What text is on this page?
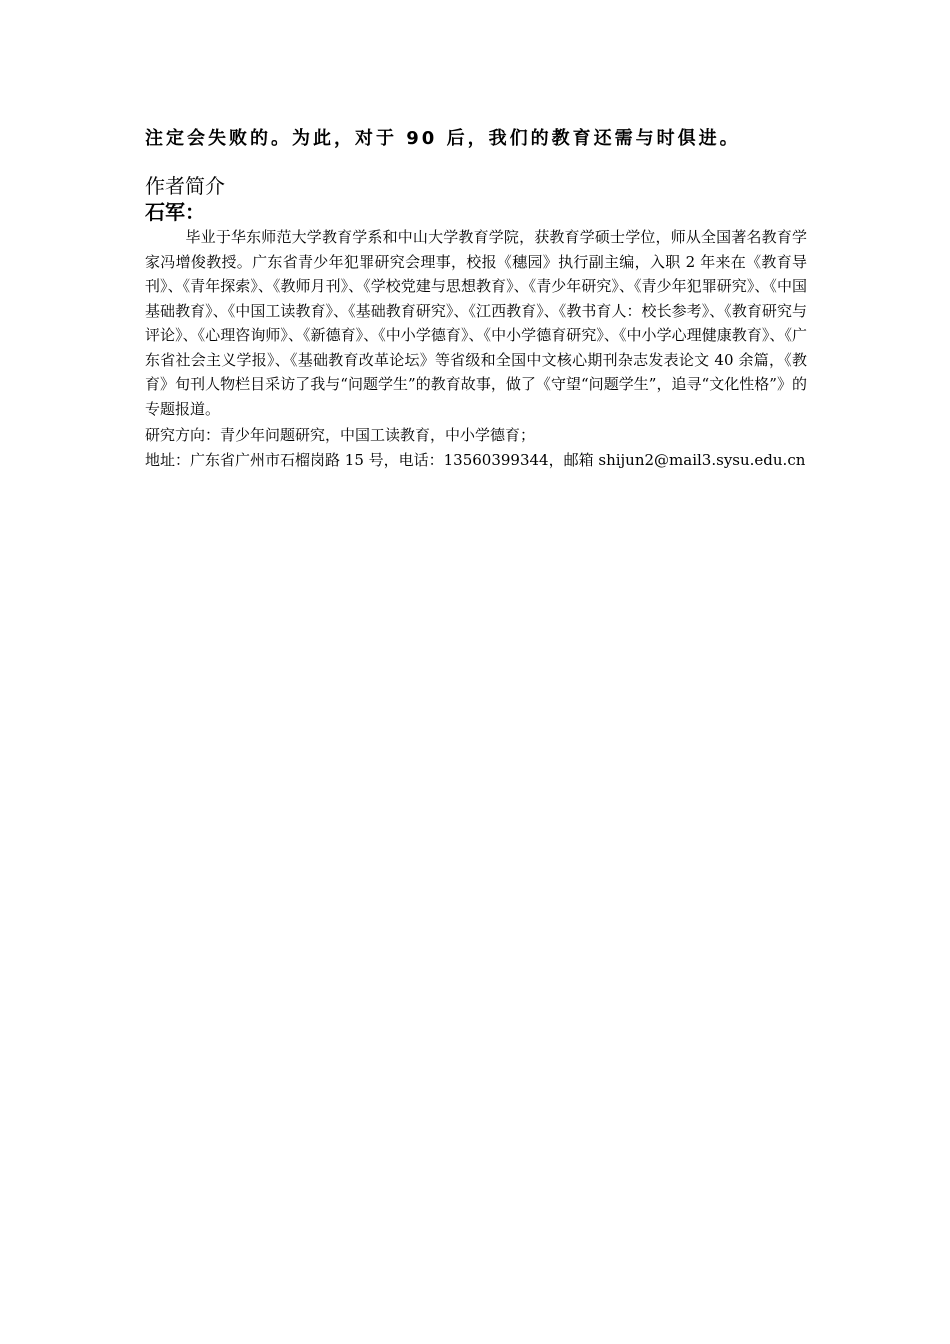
注定会失败的。为此，对于 90 后，我们的教育还需与时俱进。
作者简介
石军：

毕业于华东师范大学教育学系和中山大学教育学院，获教育学硕士学位，师从全国著名教育学家冯增俊教授。广东省青少年犯罪研究会理事，校报《穗园》执行副主编，入职 2 年来在《教育导刊》、《青年探索》、《教师月刊》、《学校党建与思想教育》、《青少年研究》、《青少年犯罪研究》、《中国基础教育》、《中国工读教育》、《基础教育研究》、《江西教育》、《教书育人：校长参考》、《教育研究与评论》、《心理咨询师》、《新德育》、《中小学德育》、《中小学德育研究》、《中小学心理健康教育》、《广东省社会主义学报》、《基础教育改革论坛》等省级和全国中文核心期刊杂志发表论文 40 余篇，《教育》旬刊人物栏目采访了我与“问题学生”的教育故事，做了《守望“问题学生”，追寻“文化性格”》的专题报道。

研究方向：青少年问题研究，中国工读教育，中小学德育；
地址：广东省广州市石榴岗路 15 号，电话：13560399344，邮箱 shijun2@mail3.sysu.edu.cn
